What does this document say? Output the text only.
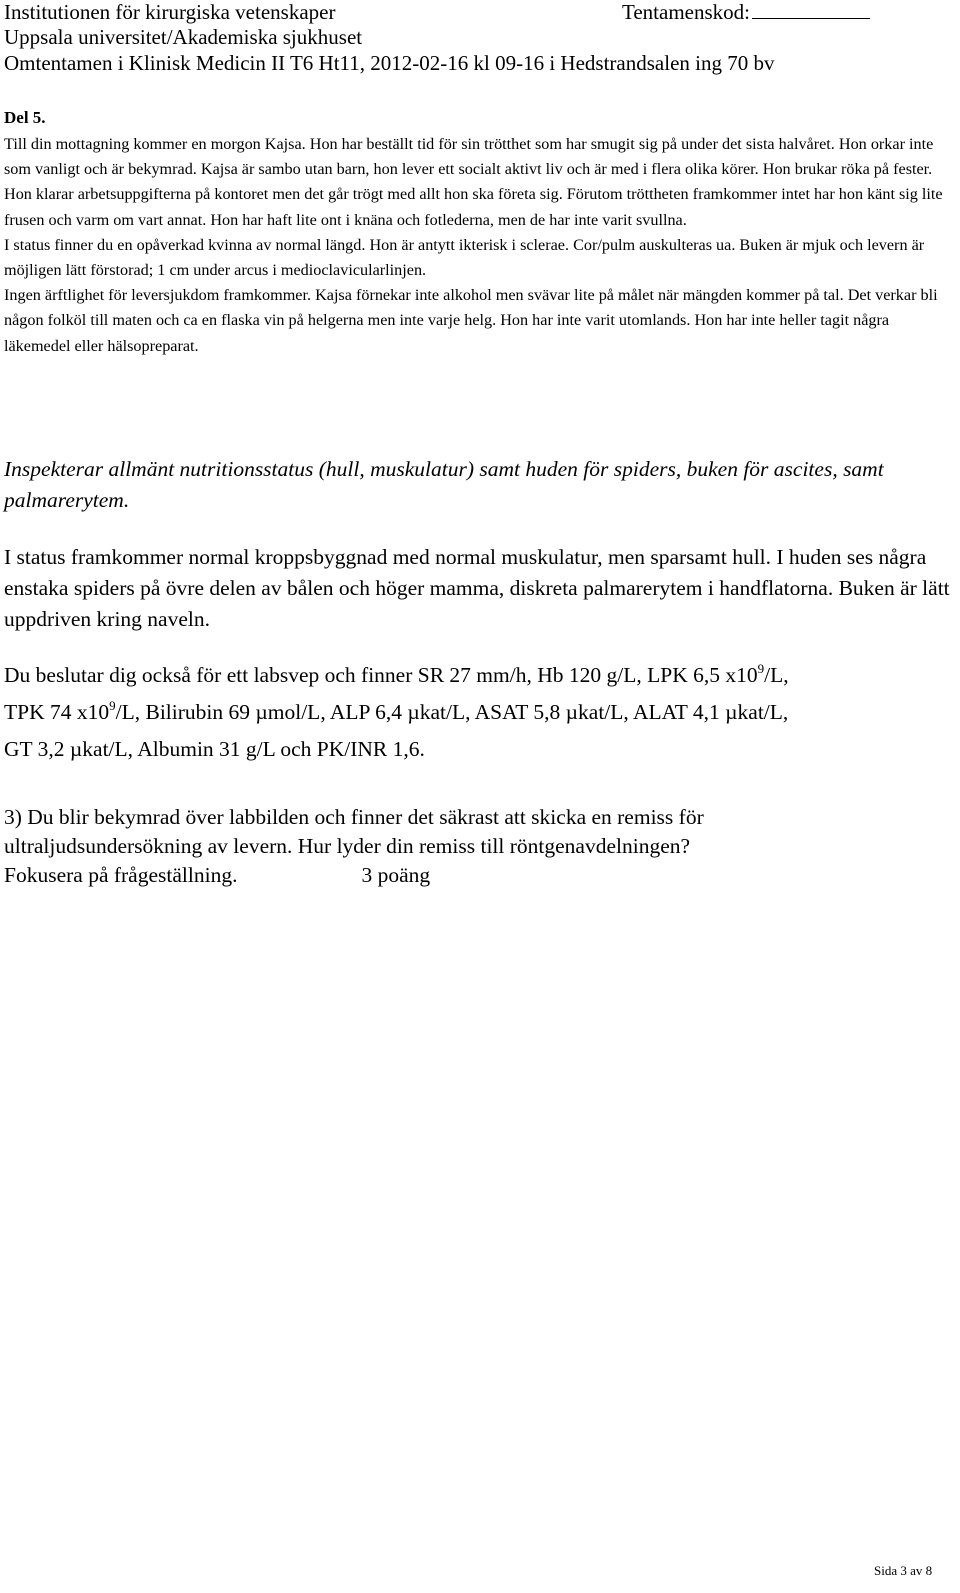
Institutionen för kirurgiska vetenskaper	Tentamenskod:
Uppsala universitet/Akademiska sjukhuset
Omtentamen i Klinisk Medicin II T6 Ht11, 2012-02-16 kl 09-16 i Hedstrandsalen ing 70 bv
Del 5.

Till din mottagning kommer en morgon Kajsa. Hon har beställt tid för sin trötthet som har smugit sig på under det sista halvåret. Hon orkar inte som vanligt och är bekymrad. Kajsa är sambo utan barn, hon lever ett socialt aktivt liv och är med i flera olika körer. Hon brukar röka på fester.

Hon klarar arbetsuppgifterna på kontoret men det går trögt med allt hon ska företa sig. Förutom tröttheten framkommer intet har hon känt sig lite frusen och varm om vart annat. Hon har haft lite ont i knäna och fotlederna, men de har inte varit svullna.

I status finner du en opåverkad kvinna av normal längd. Hon är antytt ikterisk i sclerae. Cor/pulm auskulteras ua. Buken är mjuk och levern är möjligen lätt förstorad; 1 cm under arcus i medioclavicularlinjen.

Ingen ärftlighet för leversjukdom framkommer. Kajsa förnekar inte alkohol men svävar lite på målet när mängden kommer på tal. Det verkar bli någon folköl till maten och ca en flaska vin på helgerna men inte varje helg. Hon har inte varit utomlands. Hon har inte heller tagit några läkemedel eller hälsopreparat.

Inspekterar allmänt nutritionsstatus (hull, muskulatur) samt huden för spiders, buken för ascites, samt palmarerytem.

I status framkommer normal kroppsbyggnad med normal muskulatur, men sparsamt hull. I huden ses några enstaka spiders på övre delen av bålen och höger mamma, diskreta palmarerytem i handflatorna. Buken är lätt uppdriven kring naveln.

Du beslutar dig också för ett labsvep och finner SR 27 mm/h, Hb 120 g/L, LPK 6,5 $x10^9/L$,
TPK 74 $x10^9/L$, Bilirubin 69 µmol/L, ALP 6,4 µkat/L, ASAT 5,8 µkat/L, ALAT 4,1 µkat/L,
GT 3,2 µkat/L, Albumin 31 g/L och PK/INR 1,6.

3) Du blir bekymrad över labbilden och finner det säkrast att skicka en remiss för
ultraljudsundersökning av levern. Hur lyder din remiss till röntgenavdelningen?
Fokusera på frågeställning.	3 poäng

Sida 3 av 8
